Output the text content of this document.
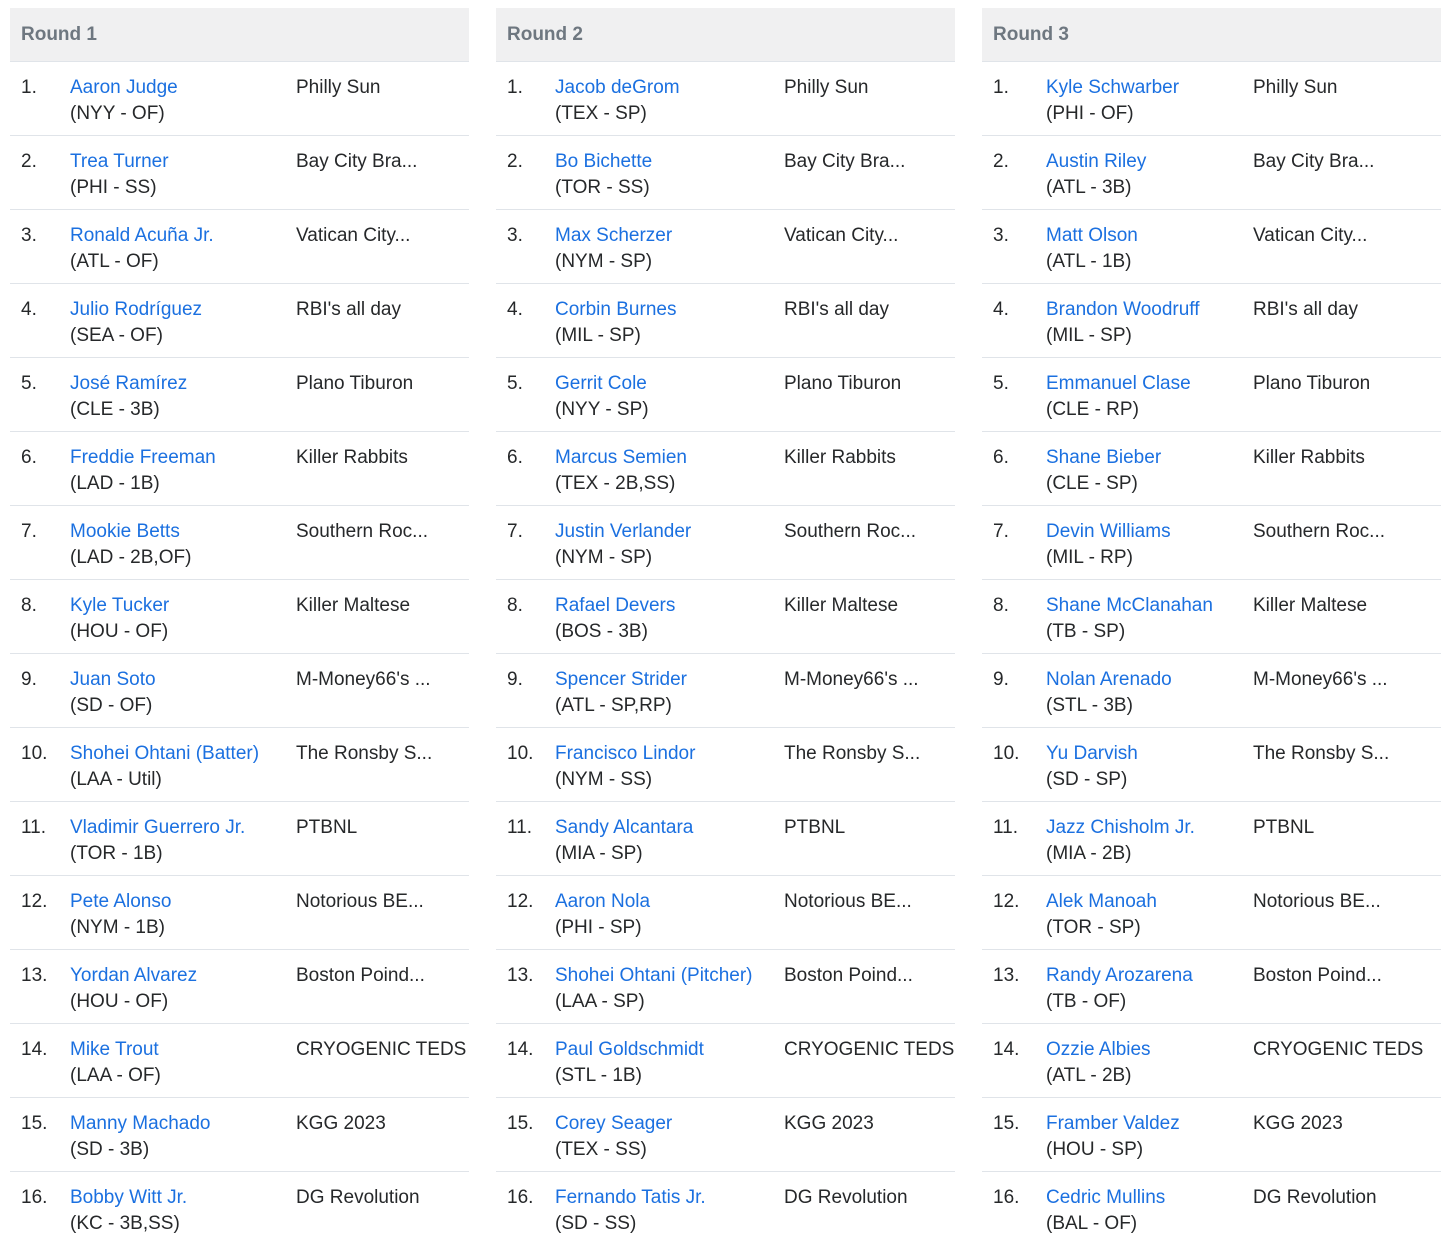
Round 1
1. Aaron Judge
(NYY - OF)
Philly Sun
2. Trea Turner
(PHI - SS)
Bay City Bra...
3. Ronald Acuña Jr.
(ATL - OF)
Vatican City...
4. Julio Rodríguez
(SEA - OF)
RBI's all day
5. José Ramírez
(CLE - 3B)
Plano Tiburon
6. Freddie Freeman
(LAD - 1B)
Killer Rabbits
7. Mookie Betts
(LAD - 2B,OF)
Southern Roc...
8. Kyle Tucker
(HOU - OF)
Killer Maltese
9. Juan Soto
(SD - OF)
M-Money66's ...
10. Shohei Ohtani (Batter)
(LAA - Util)
The Ronsby S...
11. Vladimir Guerrero Jr.
(TOR - 1B)
PTBNL
12. Pete Alonso
(NYM - 1B)
Notorious BE...
13. Yordan Alvarez
(HOU - OF)
Boston Poind...
14. Mike Trout
(LAA - OF)
CRYOGENIC TEDS
15. Manny Machado
(SD - 3B)
KGG 2023
16. Bobby Witt Jr.
(KC - 3B,SS)
DG Revolution
Round 2
1. Jacob deGrom
(TEX - SP)
Philly Sun
2. Bo Bichette
(TOR - SS)
Bay City Bra...
3. Max Scherzer
(NYM - SP)
Vatican City...
4. Corbin Burnes
(MIL - SP)
RBI's all day
5. Gerrit Cole
(NYY - SP)
Plano Tiburon
6. Marcus Semien
(TEX - 2B,SS)
Killer Rabbits
7. Justin Verlander
(NYM - SP)
Southern Roc...
8. Rafael Devers
(BOS - 3B)
Killer Maltese
9. Spencer Strider
(ATL - SP,RP)
M-Money66's ...
10. Francisco Lindor
(NYM - SS)
The Ronsby S...
11. Sandy Alcantara
(MIA - SP)
PTBNL
12. Aaron Nola
(PHI - SP)
Notorious BE...
13. Shohei Ohtani (Pitcher)
(LAA - SP)
Boston Poind...
14. Paul Goldschmidt
(STL - 1B)
CRYOGENIC TEDS
15. Corey Seager
(TEX - SS)
KGG 2023
16. Fernando Tatis Jr.
(SD - SS)
DG Revolution
Round 3
1. Kyle Schwarber
(PHI - OF)
Philly Sun
2. Austin Riley
(ATL - 3B)
Bay City Bra...
3. Matt Olson
(ATL - 1B)
Vatican City...
4. Brandon Woodruff
(MIL - SP)
RBI's all day
5. Emmanuel Clase
(CLE - RP)
Plano Tiburon
6. Shane Bieber
(CLE - SP)
Killer Rabbits
7. Devin Williams
(MIL - RP)
Southern Roc...
8. Shane McClanahan
(TB - SP)
Killer Maltese
9. Nolan Arenado
(STL - 3B)
M-Money66's ...
10. Yu Darvish
(SD - SP)
The Ronsby S...
11. Jazz Chisholm Jr.
(MIA - 2B)
PTBNL
12. Alek Manoah
(TOR - SP)
Notorious BE...
13. Randy Arozarena
(TB - OF)
Boston Poind...
14. Ozzie Albies
(ATL - 2B)
CRYOGENIC TEDS
15. Framber Valdez
(HOU - SP)
KGG 2023
16. Cedric Mullins
(BAL - OF)
DG Revolution
